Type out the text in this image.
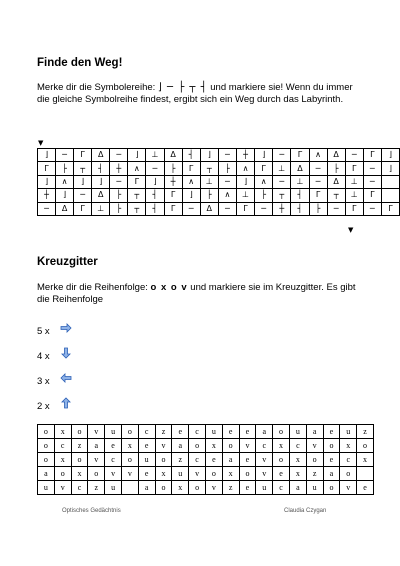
Finde den Weg!
Merke dir die Symbolereihe: ⌋ ─ ├ ┬ ┤ und markiere sie! Wenn du immer die gleiche Symbolreihe findest, ergibt sich ein Weg durch das Labyrinth.
▼
⌋	─	Γ	Δ	─	⌋	⊥	Δ	┤	⌋	─	┼	⌋	─	Γ	∧	Δ	─	Γ	⌋
Γ	├	┬	┤	┼	∧	─	├	Γ	┬	├	∧	Γ	⊥	Δ	─	├	Γ	─	⌋
⌋	∧	⌋	⌋	─	Γ	⌋	┼	∧	⊥	─	⌋	∧	─	⊥	─	Δ	⊥	─	
┼	⌋	─	Δ	├	┬	┤	Γ	⌋	├	∧	⊥	├	┬	┤	Γ	┬	⊥	Γ	
─	Δ	Γ	⊥	├	┬	┤	Γ	─	Δ	─	Γ	─	┼	┤	├	─	Γ	─	Γ
▼
Kreuzgitter
Merke dir die Reihenfolge: o x o v und markiere sie im Kreuzgitter. Es gibt die Reihenfolge
5 x
4 x
3 x
2 x
o	x	o	v	u	o	c	z	e	c	u	e	e	a	o	u	a	e	u	z
o	c	z	a	e	x	e	v	a	o	x	o	v	c	x	c	v	o	x	o
o	x	o	v	c	o	u	o	z	c	e	a	e	v	o	x	o	e	c	x
a	o	x	o	v	v	e	x	u	v	o	x	o	v	e	x	z	a	o	
u	v	c	z	u		a	o	x	o	v	z	e	u	c	a	u	o	v	e
Optisches Gedächtnis	Claudia Czygan
